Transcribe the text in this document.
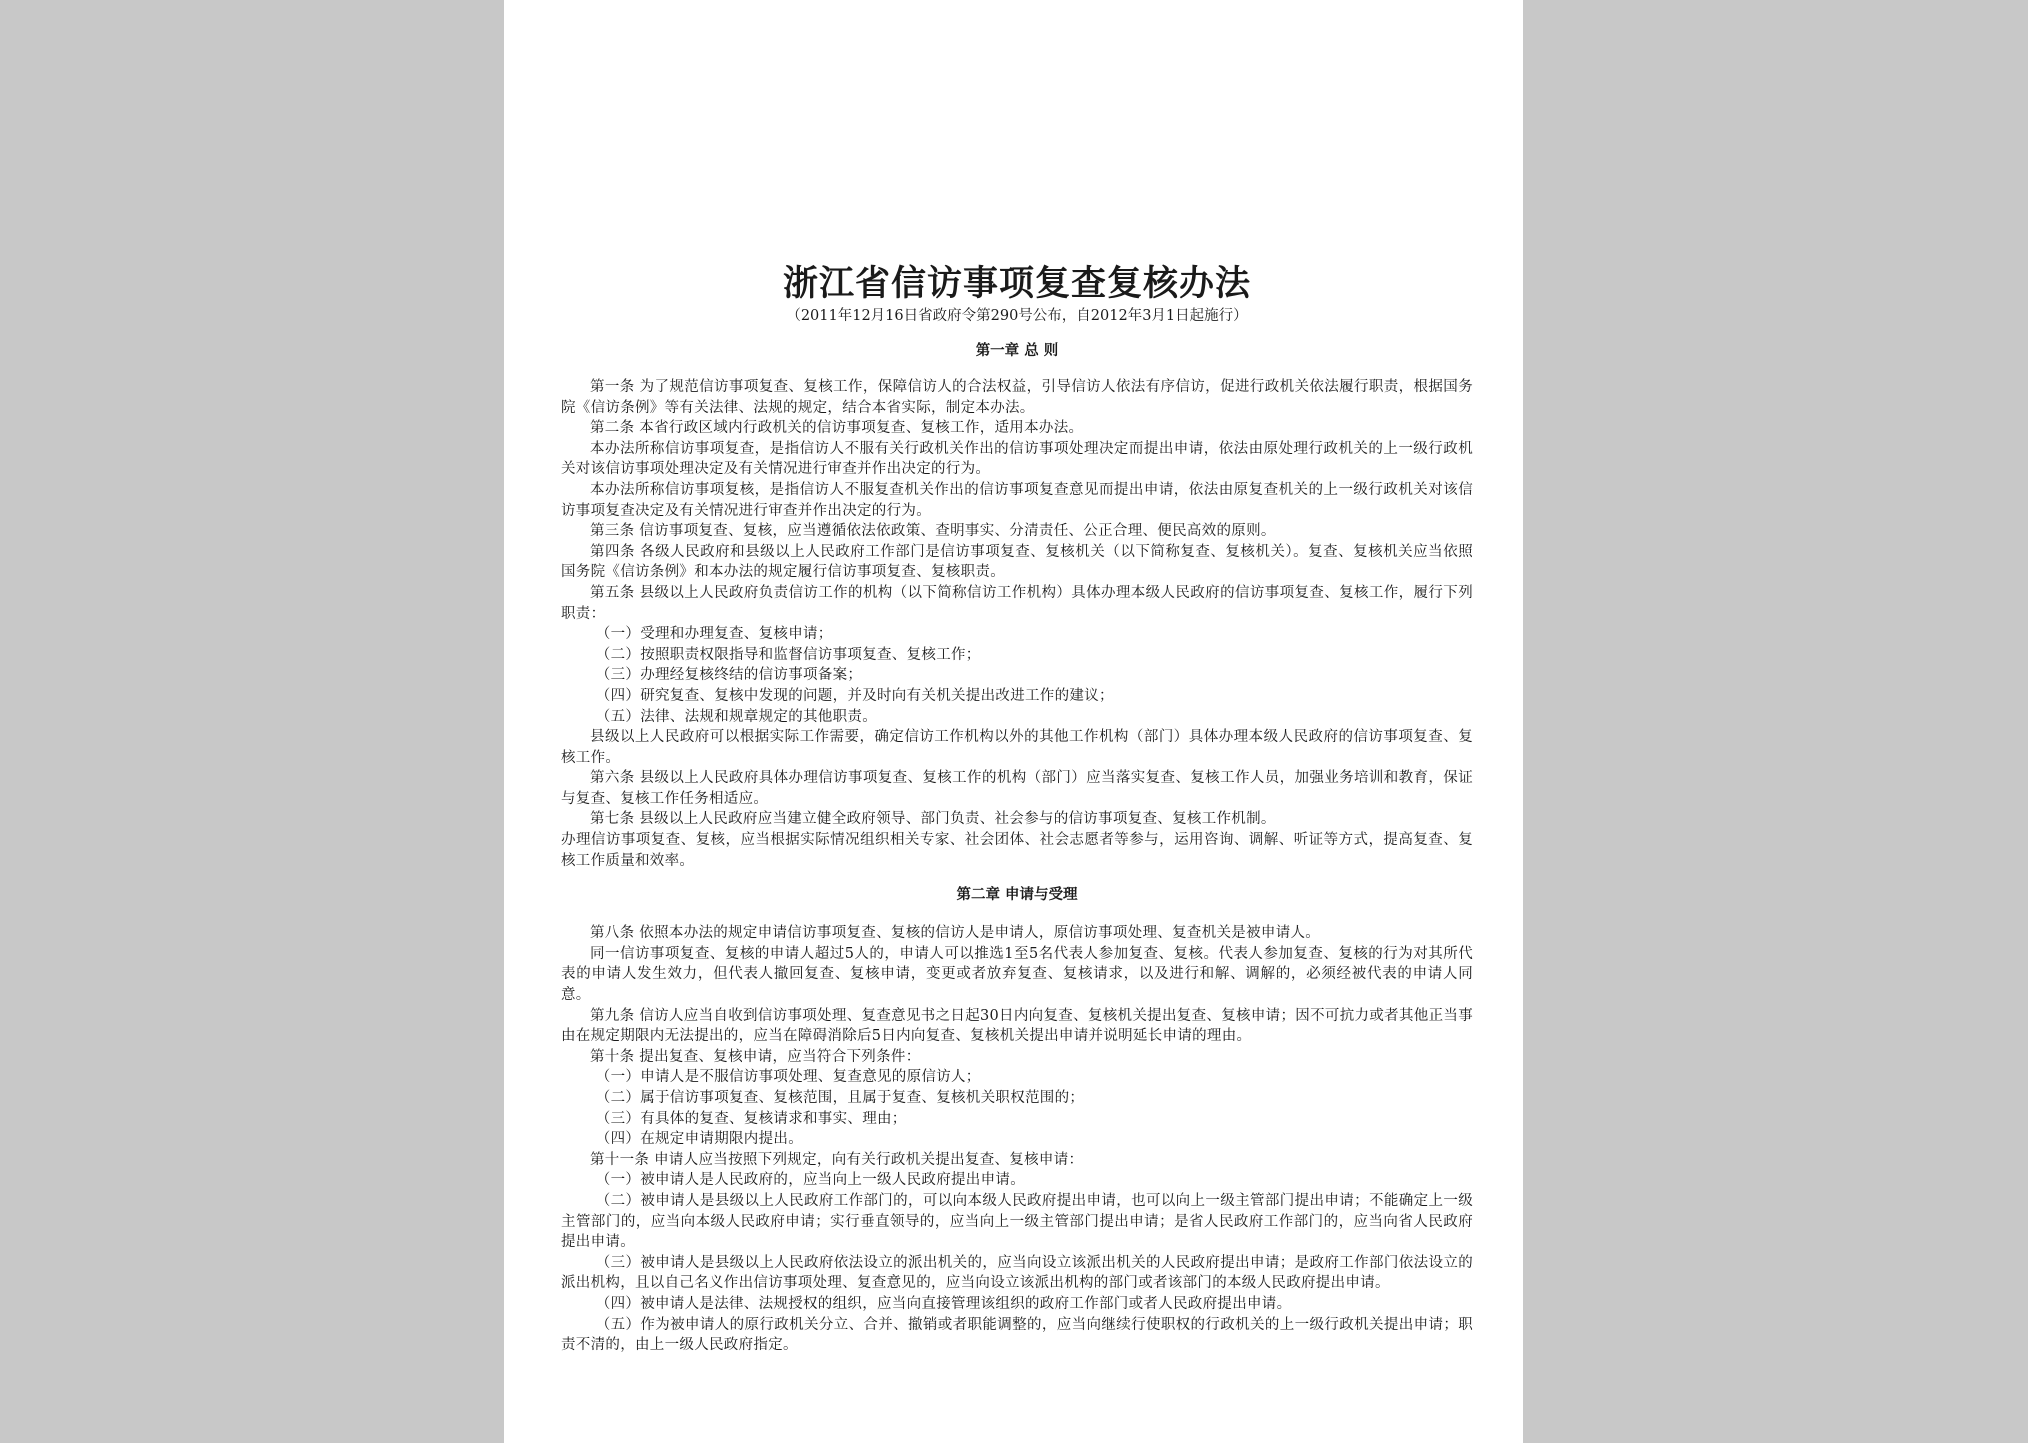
浙江省信访事项复查复核办法

（2011年12月16日省政府令第290号公布，自2012年3月1日起施行）

第一章 总 则

第一条 为了规范信访事项复查、复核工作，保障信访人的合法权益，引导信访人依法有序信访，促进行政机关依法履行职责，根据国务院《信访条例》等有关法律、法规的规定，结合本省实际，制定本办法。

第二条 本省行政区域内行政机关的信访事项复查、复核工作，适用本办法。

本办法所称信访事项复查，是指信访人不服有关行政机关作出的信访事项处理决定而提出申请，依法由原处理行政机关的上一级行政机关对该信访事项处理决定及有关情况进行审查并作出决定的行为。

本办法所称信访事项复核，是指信访人不服复查机关作出的信访事项复查意见而提出申请，依法由原复查机关的上一级行政机关对该信访事项复查决定及有关情况进行审查并作出决定的行为。

第三条 信访事项复查、复核，应当遵循依法依政策、查明事实、分清责任、公正合理、便民高效的原则。

第四条 各级人民政府和县级以上人民政府工作部门是信访事项复查、复核机关（以下简称复查、复核机关）。复查、复核机关应当依照国务院《信访条例》和本办法的规定履行信访事项复查、复核职责。

第五条 县级以上人民政府负责信访工作的机构（以下简称信访工作机构）具体办理本级人民政府的信访事项复查、复核工作，履行下列职责：

（一）受理和办理复查、复核申请；

（二）按照职责权限指导和监督信访事项复查、复核工作；

（三）办理经复核终结的信访事项备案；

（四）研究复查、复核中发现的问题，并及时向有关机关提出改进工作的建议；

（五）法律、法规和规章规定的其他职责。

县级以上人民政府可以根据实际工作需要，确定信访工作机构以外的其他工作机构（部门）具体办理本级人民政府的信访事项复查、复核工作。

第六条 县级以上人民政府具体办理信访事项复查、复核工作的机构（部门）应当落实复查、复核工作人员，加强业务培训和教育，保证与复查、复核工作任务相适应。

第七条 县级以上人民政府应当建立健全政府领导、部门负责、社会参与的信访事项复查、复核工作机制。

办理信访事项复查、复核，应当根据实际情况组织相关专家、社会团体、社会志愿者等参与，运用咨询、调解、听证等方式，提高复查、复核工作质量和效率。

第二章 申请与受理

第八条 依照本办法的规定申请信访事项复查、复核的信访人是申请人，原信访事项处理、复查机关是被申请人。

同一信访事项复查、复核的申请人超过5人的，申请人可以推选1至5名代表人参加复查、复核。代表人参加复查、复核的行为对其所代表的申请人发生效力，但代表人撤回复查、复核申请，变更或者放弃复查、复核请求，以及进行和解、调解的，必须经被代表的申请人同意。

第九条 信访人应当自收到信访事项处理、复查意见书之日起30日内向复查、复核机关提出复查、复核申请；因不可抗力或者其他正当事由在规定期限内无法提出的，应当在障碍消除后5日内向复查、复核机关提出申请并说明延长申请的理由。

第十条 提出复查、复核申请，应当符合下列条件：

（一）申请人是不服信访事项处理、复查意见的原信访人；

（二）属于信访事项复查、复核范围，且属于复查、复核机关职权范围的；

（三）有具体的复查、复核请求和事实、理由；

（四）在规定申请期限内提出。

第十一条 申请人应当按照下列规定，向有关行政机关提出复查、复核申请：

（一）被申请人是人民政府的，应当向上一级人民政府提出申请。

（二）被申请人是县级以上人民政府工作部门的，可以向本级人民政府提出申请，也可以向上一级主管部门提出申请；不能确定上一级主管部门的，应当向本级人民政府申请；实行垂直领导的，应当向上一级主管部门提出申请；是省人民政府工作部门的，应当向省人民政府提出申请。

（三）被申请人是县级以上人民政府依法设立的派出机关的，应当向设立该派出机关的人民政府提出申请；是政府工作部门依法设立的派出机构，且以自己名义作出信访事项处理、复查意见的，应当向设立该派出机构的部门或者该部门的本级人民政府提出申请。

（四）被申请人是法律、法规授权的组织，应当向直接管理该组织的政府工作部门或者人民政府提出申请。

（五）作为被申请人的原行政机关分立、合并、撤销或者职能调整的，应当向继续行使职权的行政机关的上一级行政机关提出申请；职责不清的，由上一级人民政府指定。
